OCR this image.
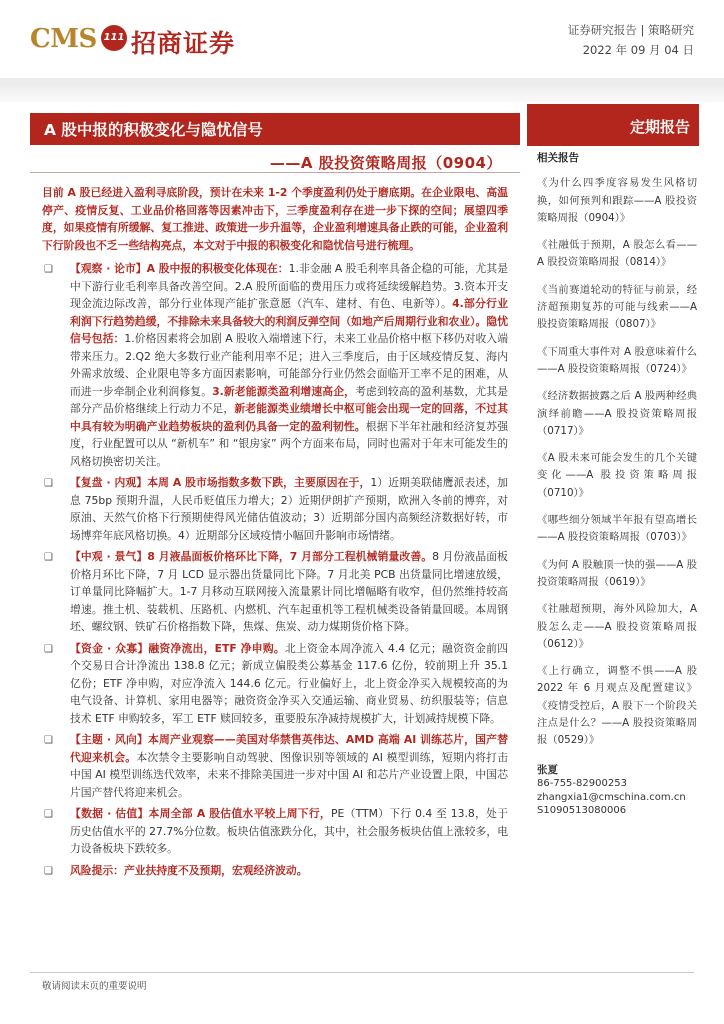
CMS 111 招商证券	证券研究报告 | 策略研究
2022 年 09 月 04 日
A 股中报的积极变化与隐忧信号	定期报告
——A 股投资策略周报（0904）

目前 A 股已经进入盈利寻底阶段，预计在未来 1-2 个季度盈利仍处于磨底期。在企业限电、高温停产、疫情反复、工业品价格回落等因素冲击下，三季度盈利存在进一步下探的空间；展望四季度，如果疫情有所缓解、复工推进、政策进一步升温等，企业盈利增速具备止跌的可能，企业盈利下行阶段也不乏一些结构亮点，本文对于中报的积极变化和隐忧信号进行梳理。

❑ 【观察 · 论市】A 股中报的积极变化体现在：1.非金融 A 股毛利率具备企稳的可能，尤其是中下游行业毛利率具备改善空间。2.A 股所面临的费用压力或将延续缓解趋势。3.资本开支现金流边际改善，部分行业体现产能扩张意愿（汽车、建材、有色、电新等）。4.部分行业利润下行趋势趋缓，不排除未来具备较大的利润反弹空间（如地产后周期行业和农业）。隐忧信号包括：1.价格因素将会加剧 A 股收入端增速下行，未来工业品价格中枢下移仍对收入端带来压力。2.Q2 绝大多数行业产能利用率不足；进入三季度后，由于区域疫情反复、海内外需求放缓、企业限电等多方面因素影响，可能部分行业仍然会面临开工率不足的困难，从而进一步牵制企业利润修复。3.新老能源类盈利增速高企，考虑到较高的盈利基数，尤其是部分产品价格继续上行动力不足，新老能源类业绩增长中枢可能会出现一定的回落，不过其中具有较为明确产业趋势板块的盈利仍具备一定的盈利韧性。根据下半年社融和经济复苏强度，行业配置可以从 “新机车” 和 “银房家” 两个方面来布局，同时也需对于年末可能发生的风格切换密切关注。
❑ 【复盘 · 内观】本周 A 股市场指数多数下跌，主要原因在于，1）近期美联储鹰派表述，加息 75bp 预期升温，人民币贬值压力增大；2）近期伊朗扩产预期，欧洲入冬前的博弈，对原油、天然气价格下行预期使得风光储估值波动；3）近期部分国内高频经济数据好转，市场博弈年底风格切换。4）近期部分区域疫情小幅回升影响市场情绪。
❑ 【中观 · 景气】8 月液晶面板价格环比下降，7 月部分工程机械销量改善。8 月份液晶面板价格月环比下降，7 月 LCD 显示器出货量同比下降。7 月北美 PCB 出货量同比增速放缓，订单量同比降幅扩大。1-7 月移动互联网接入流量累计同比增幅略有收窄，但仍然维持较高增速。推土机、装载机、压路机、内燃机、汽车起重机等工程机械类设备销量回暖。本周钢坯、螺纹钢、铁矿石价格指数下降，焦煤、焦炭、动力煤期货价格下降。
❑ 【资金 · 众寡】融资净流出，ETF 净申购。北上资金本周净流入 4.4 亿元；融资资金前四个交易日合计净流出 138.8 亿元；新成立偏股类公募基金 117.6 亿份，较前期上升 35.1 亿份；ETF 净申购，对应净流入 144.6 亿元。行业偏好上，北上资金净买入规模较高的为电气设备、计算机、家用电器等；融资资金净买入交通运输、商业贸易、纺织服装等；信息技术 ETF 申购较多，军工 ETF 赎回较多，重要股东净减持规模扩大，计划减持规模下降。
❑ 【主题 · 风向】本周产业观察——美国对华禁售英伟达、AMD 高端 AI 训练芯片，国产替代迎来机会。本次禁令主要影响自动驾驶、图像识别等领域的 AI 模型训练，短期内将打击中国 AI 模型训练迭代效率，未来不排除美国进一步对中国 AI 和芯片产业设置上限，中国芯片国产替代将迎来机会。
❑ 【数据 · 估值】本周全部 A 股估值水平较上周下行，PE（TTM）下行 0.4 至 13.8，处于历史估值水平的 27.7%分位数。板块估值涨跌分化，其中，社会服务板块估值上涨较多，电力设备板块下跌较多。
❑ 风险提示：产业扶持度不及预期，宏观经济波动。
相关报告

《为什么四季度容易发生风格切换，如何预判和跟踪——A 股投资策略周报（0904）》

《社融低于预期，A 股怎么看——A 股投资策略周报（0814）》

《当前赛道轮动的特征与前景，经济超预期复苏的可能与线索——A 股投资策略周报（0807）》

《下周重大事件对 A 股意味着什么——A 股投资策略周报（0724）》

《经济数据披露之后 A 股两种经典演绎前瞻——A 股投资策略周报（0717）》

《A 股未来可能会发生的几个关键变化——A 股投资策略周报（0710）》

《哪些细分领域半年报有望高增长——A 股投资策略周报（0703）》

《为何 A 股触顶一快的强——A 股投资策略周报（0619）》

《社融超预期，海外风险加大，A 股怎么走——A 股投资策略周报（0612）》

《上行确立，调整不惧——A 股 2022 年 6 月观点及配置建议》《疫情受控后，A 股下一个阶段关注点是什么？——A 股投资策略周报（0529）》

张夏
86-755-82900253
zhangxia1@cmschina.com.cn
S1090513080006
敬请阅读末页的重要说明
